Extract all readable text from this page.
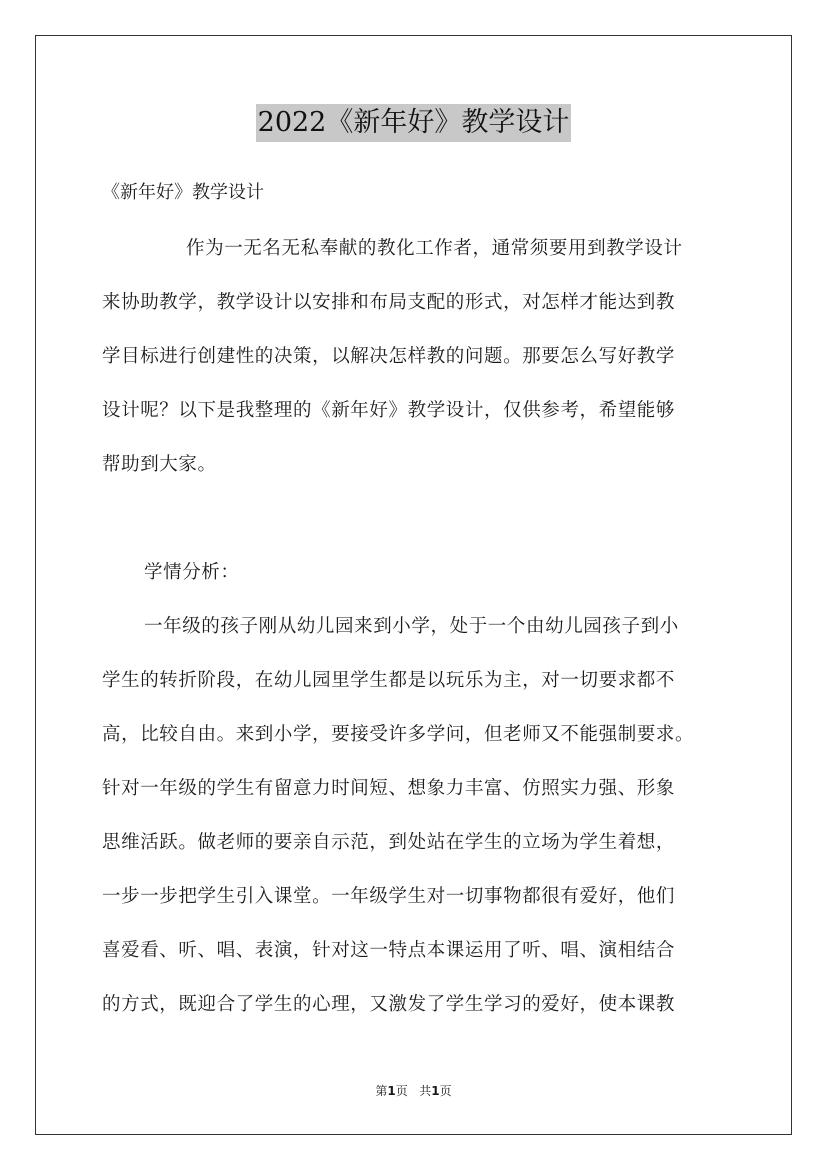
2022《新年好》教学设计
《新年好》教学设计
作为一无名无私奉献的教化工作者，通常须要用到教学设计
来协助教学，教学设计以安排和布局支配的形式，对怎样才能达到教
学目标进行创建性的决策，以解决怎样教的问题。那要怎么写好教学
设计呢？以下是我整理的《新年好》教学设计，仅供参考，希望能够
帮助到大家。
学情分析：
一年级的孩子刚从幼儿园来到小学，处于一个由幼儿园孩子到小
学生的转折阶段，在幼儿园里学生都是以玩乐为主，对一切要求都不
高，比较自由。来到小学，要接受许多学问，但老师又不能强制要求。
针对一年级的学生有留意力时间短、想象力丰富、仿照实力强、形象
思维活跃。做老师的要亲自示范，到处站在学生的立场为学生着想，
一步一步把学生引入课堂。一年级学生对一切事物都很有爱好，他们
喜爱看、听、唱、表演，针对这一特点本课运用了听、唱、演相结合
的方式，既迎合了学生的心理，又激发了学生学习的爱好，使本课教
第1页 共1页
